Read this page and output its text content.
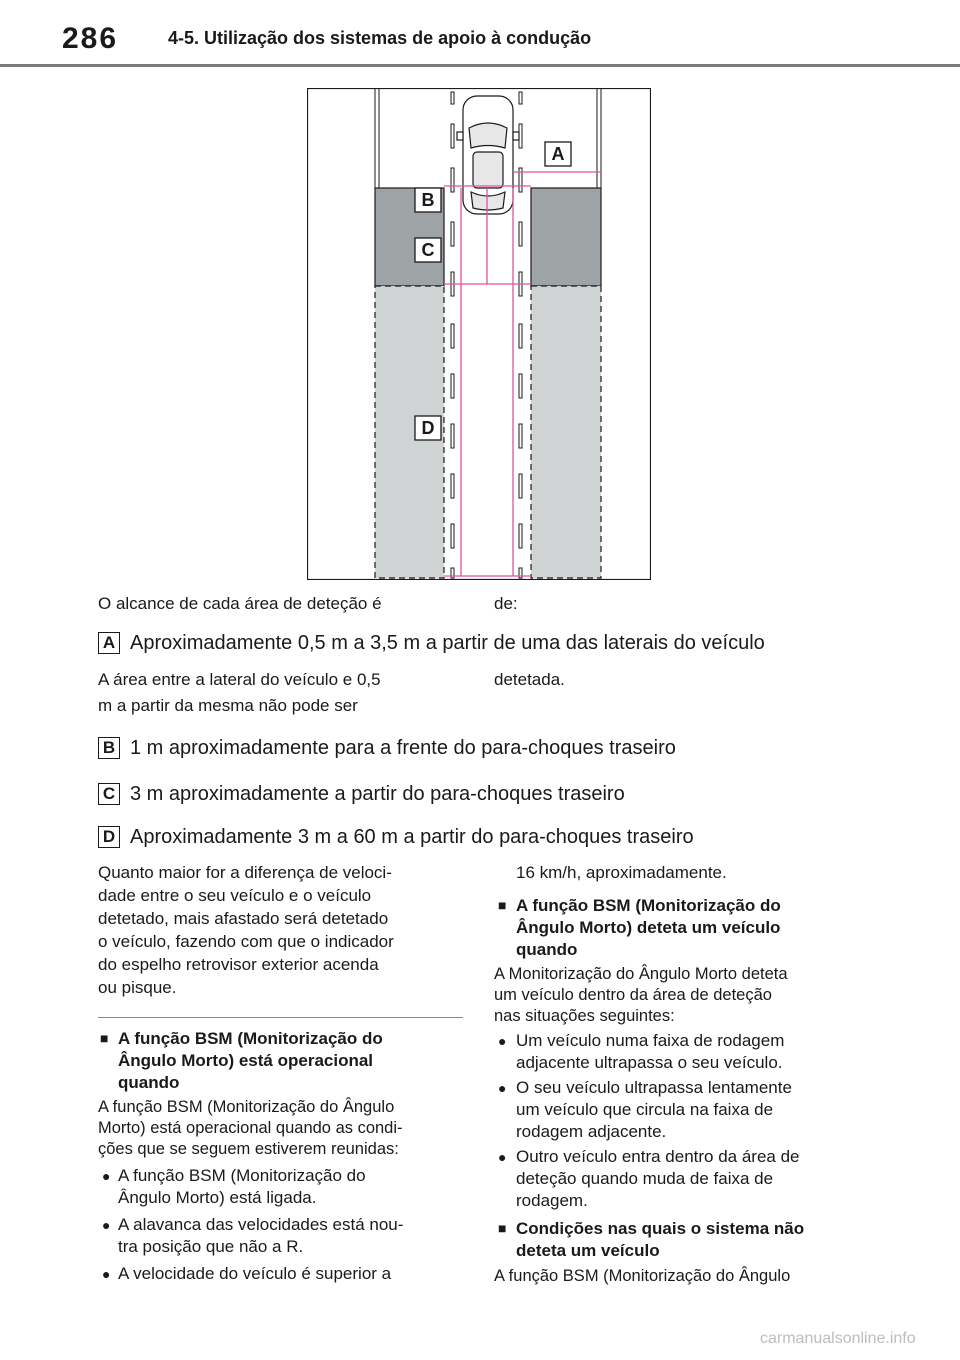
286	4-5. Utilização dos sistemas de apoio à condução
A
B
C
D
O alcance de cada área de deteção é	de:
A Aproximadamente 0,5 m a 3,5 m a partir de uma das laterais do veículo
A área entre a lateral do veículo e 0,5
m a partir da mesma não pode ser
detetada.
B 1 m aproximadamente para a frente do para-choques traseiro
C 3 m aproximadamente a partir do para-choques traseiro
D Aproximadamente 3 m a 60 m a partir do para-choques traseiro
Quanto maior for a diferença de veloci-
dade entre o seu veículo e o veículo
detetado, mais afastado será detetado
o veículo, fazendo com que o indicador
do espelho retrovisor exterior acenda
ou pisque.
■ A função BSM (Monitorização do
Ângulo Morto) está operacional
quando
A função BSM (Monitorização do Ângulo
Morto) está operacional quando as condi-
ções que se seguem estiverem reunidas:
● A função BSM (Monitorização do
Ângulo Morto) está ligada.
● A alavanca das velocidades está nou-
tra posição que não a R.
● A velocidade do veículo é superior a
16 km/h, aproximadamente.
■ A função BSM (Monitorização do
Ângulo Morto) deteta um veículo
quando
A Monitorização do Ângulo Morto deteta
um veículo dentro da área de deteção
nas situações seguintes:
● Um veículo numa faixa de rodagem
adjacente ultrapassa o seu veículo.
● O seu veículo ultrapassa lentamente
um veículo que circula na faixa de
rodagem adjacente.
● Outro veículo entra dentro da área de
deteção quando muda de faixa de
rodagem.
■ Condições nas quais o sistema não
deteta um veículo
A função BSM (Monitorização do Ângulo
carmanualsonline.info
